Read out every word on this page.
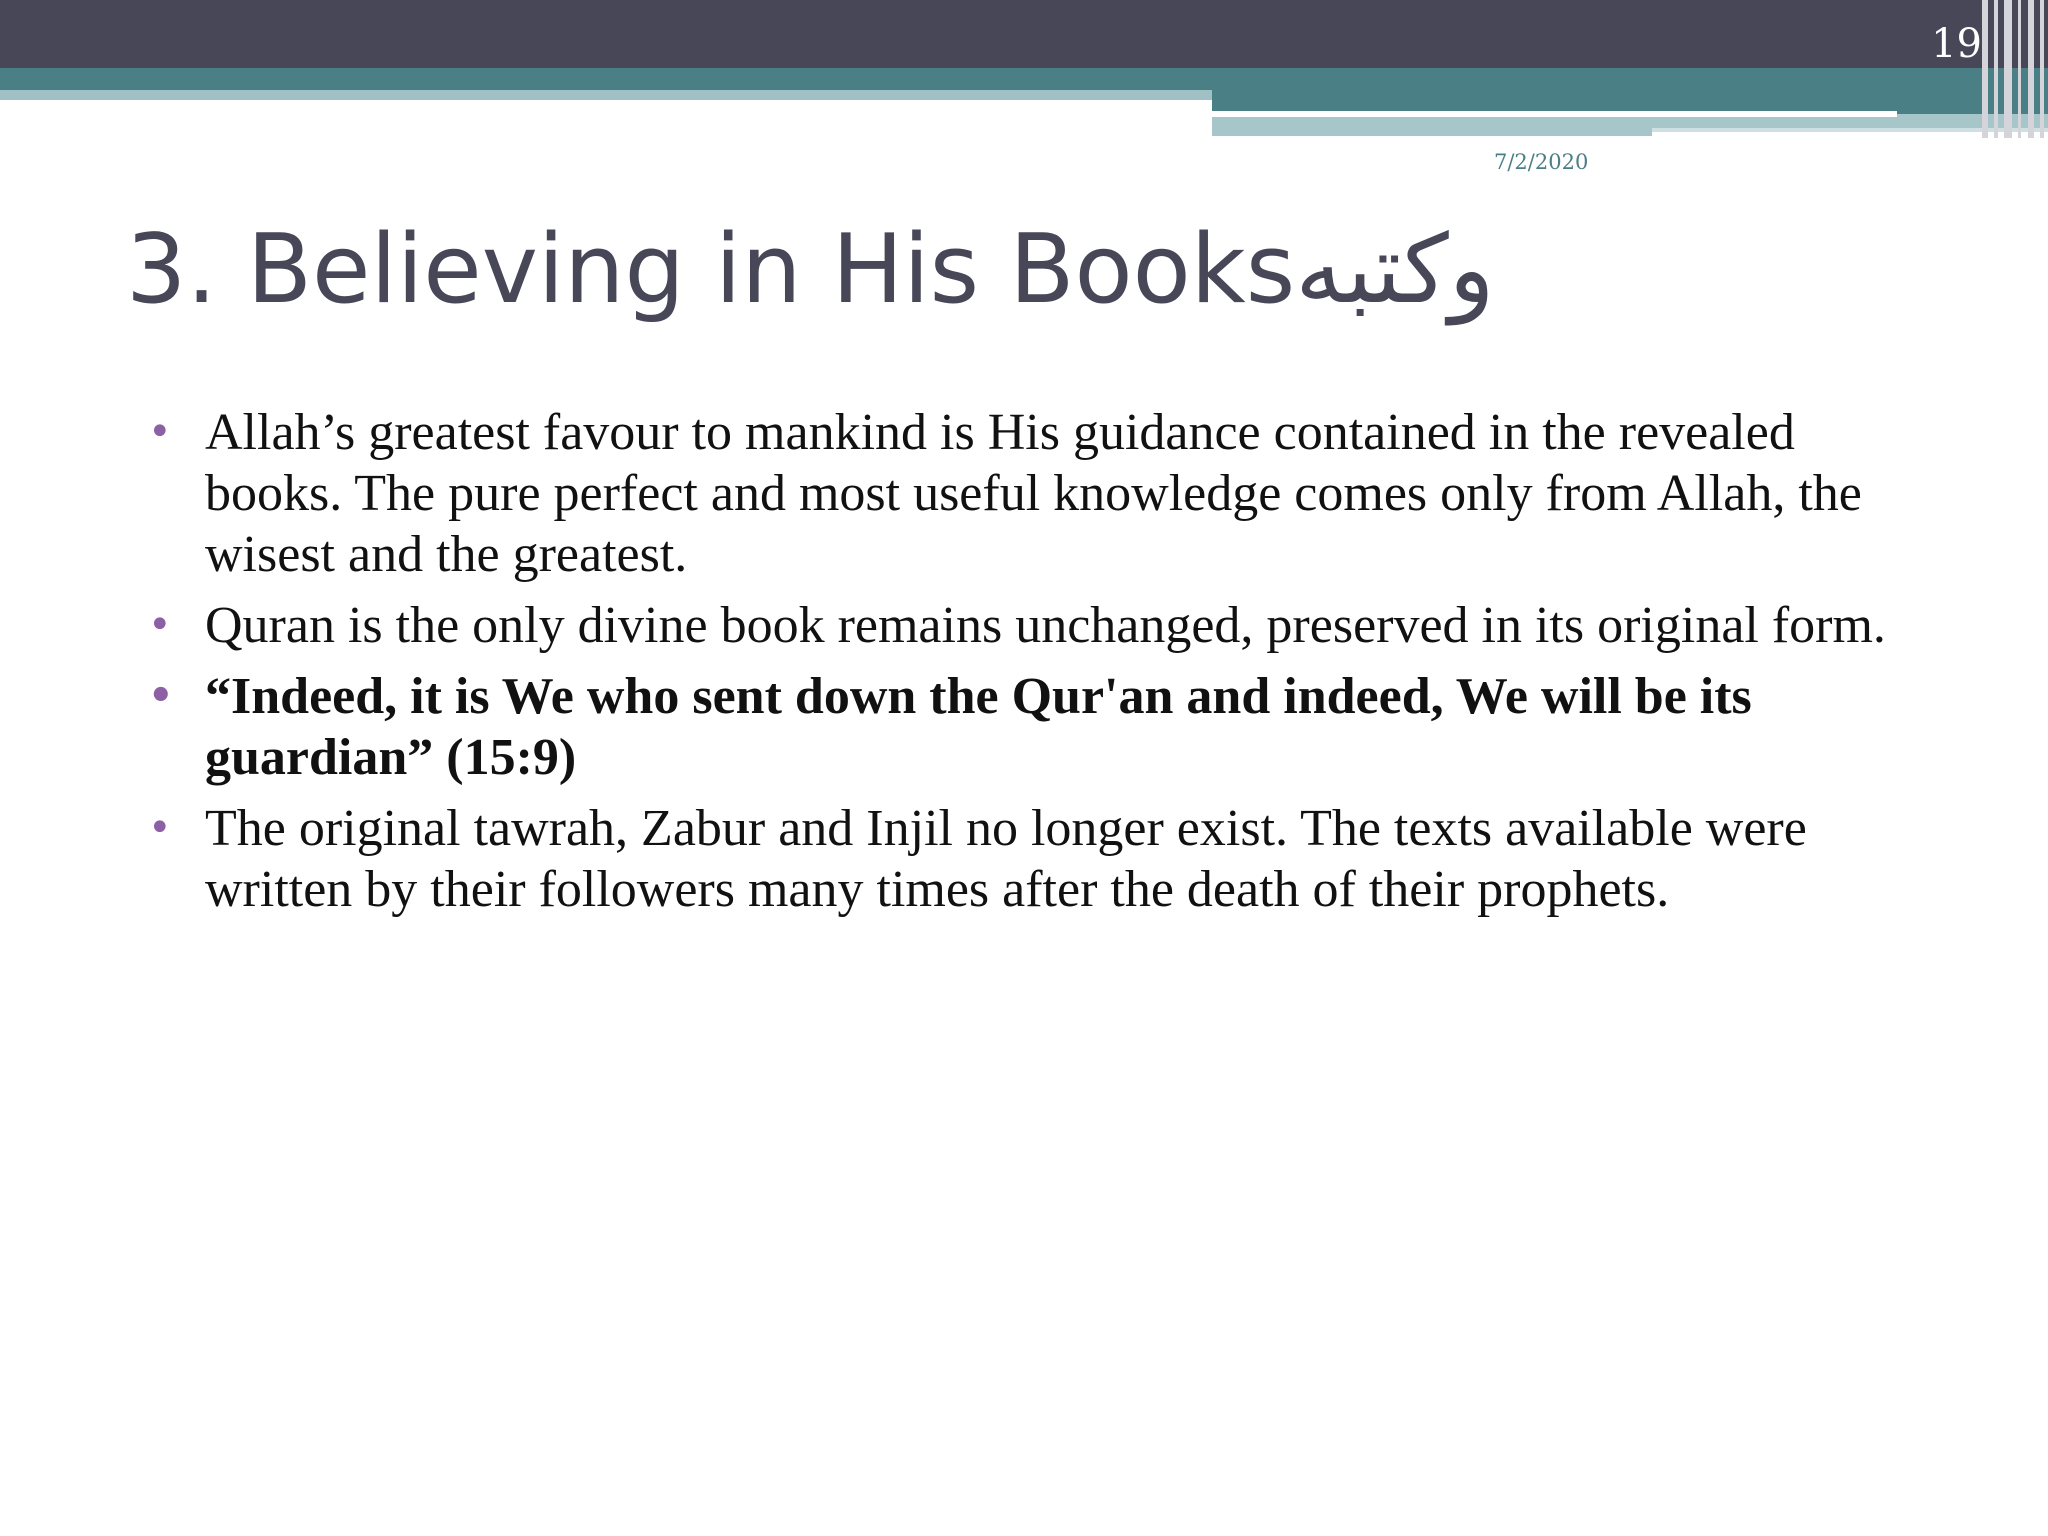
19
7/2/2020
3. Believing in His Booksوكتبه
• Allah’s greatest favour to mankind is His guidance contained in the revealed books. The pure perfect and most useful knowledge comes only from Allah, the wisest and the greatest.
• Quran is the only divine book remains unchanged, preserved in its original form.
• “Indeed, it is We who sent down the Qur'an and indeed, We will be its guardian” (15:9)
• The original tawrah, Zabur and Injil no longer exist. The texts available were written by their followers many times after the death of their prophets.
